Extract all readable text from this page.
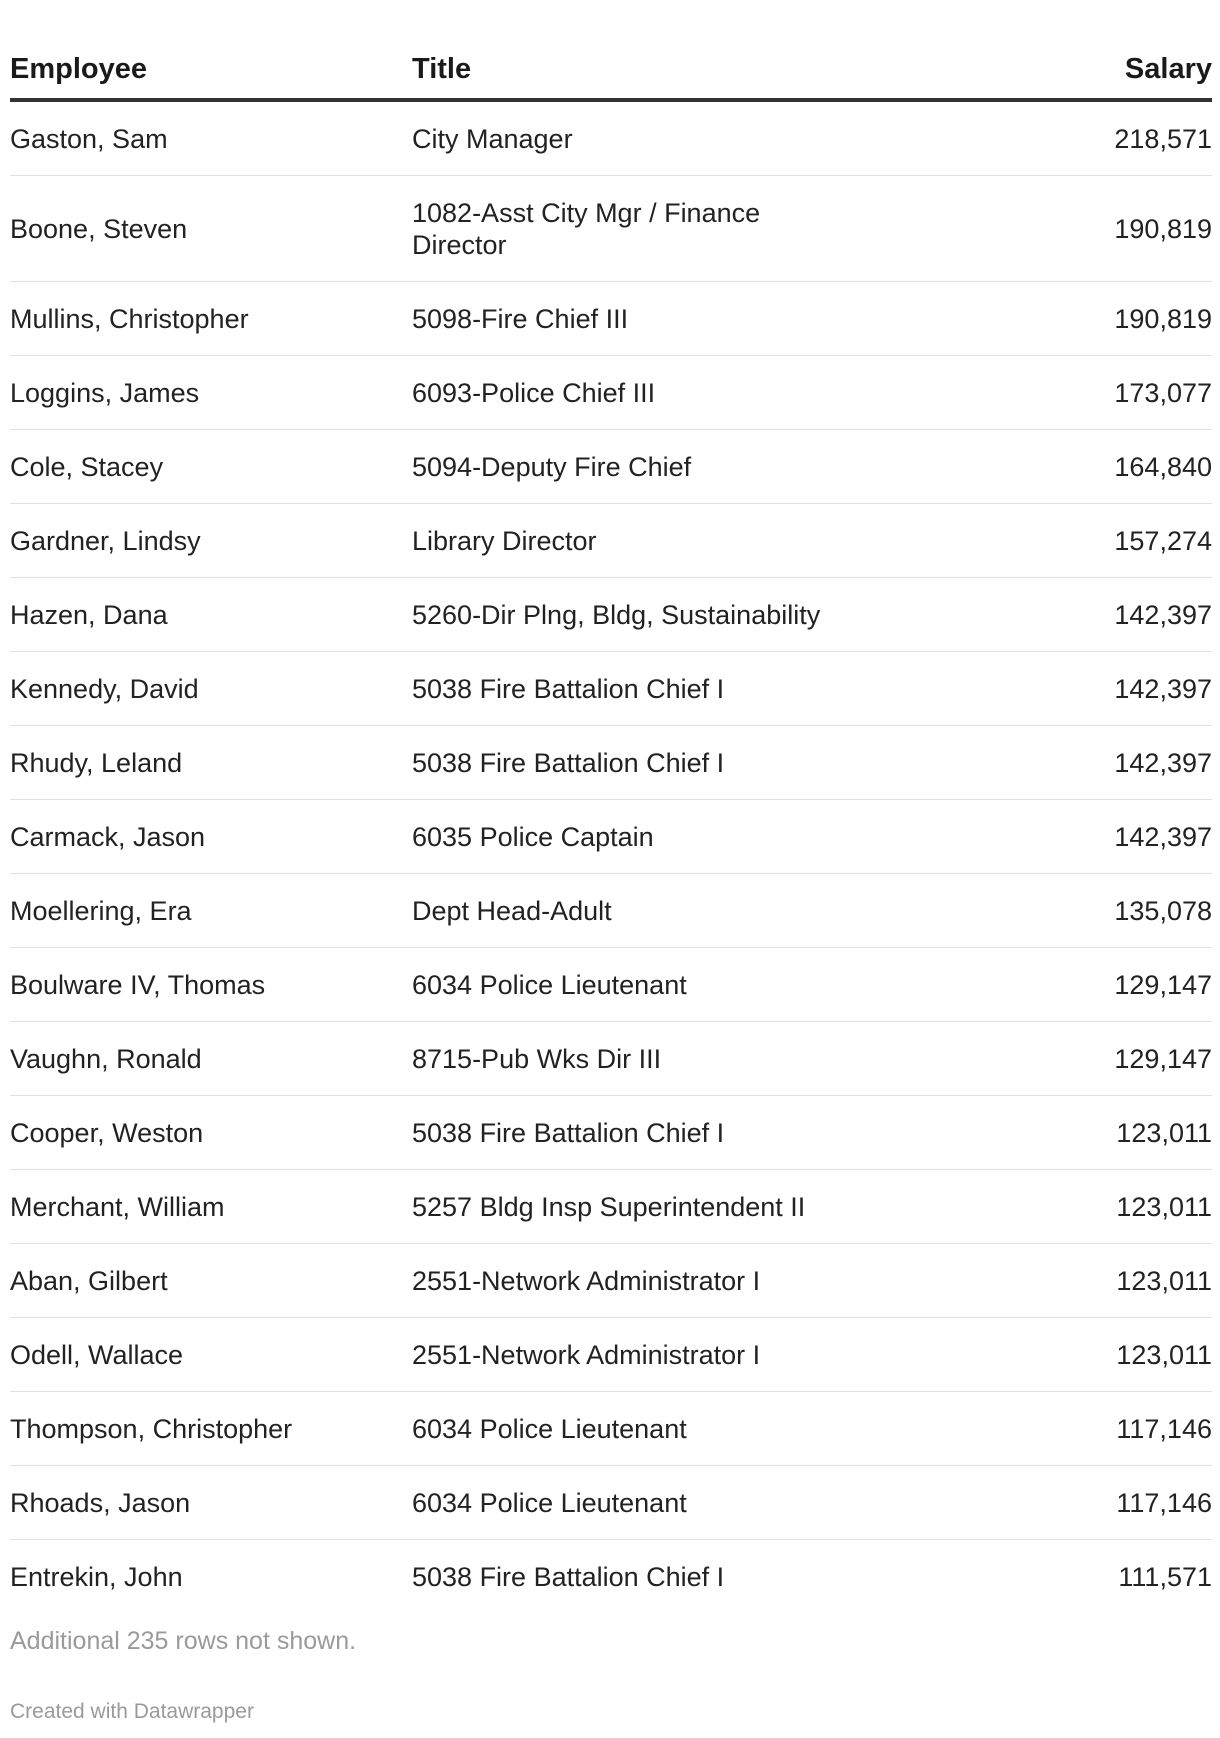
Employee	Title	Salary
Gaston, Sam	City Manager	218,571
Boone, Steven	1082-Asst City Mgr / Finance Director	190,819
Mullins, Christopher	5098-Fire Chief III	190,819
Loggins, James	6093-Police Chief III	173,077
Cole, Stacey	5094-Deputy Fire Chief	164,840
Gardner, Lindsy	Library Director	157,274
Hazen, Dana	5260-Dir Plng, Bldg, Sustainability	142,397
Kennedy, David	5038 Fire Battalion Chief I	142,397
Rhudy, Leland	5038 Fire Battalion Chief I	142,397
Carmack, Jason	6035 Police Captain	142,397
Moellering, Era	Dept Head-Adult	135,078
Boulware IV, Thomas	6034 Police Lieutenant	129,147
Vaughn, Ronald	8715-Pub Wks Dir III	129,147
Cooper, Weston	5038 Fire Battalion Chief I	123,011
Merchant, William	5257 Bldg Insp Superintendent II	123,011
Aban, Gilbert	2551-Network Administrator I	123,011
Odell, Wallace	2551-Network Administrator I	123,011
Thompson, Christopher	6034 Police Lieutenant	117,146
Rhoads, Jason	6034 Police Lieutenant	117,146
Entrekin, John	5038 Fire Battalion Chief I	111,571
Additional 235 rows not shown.
Created with Datawrapper
